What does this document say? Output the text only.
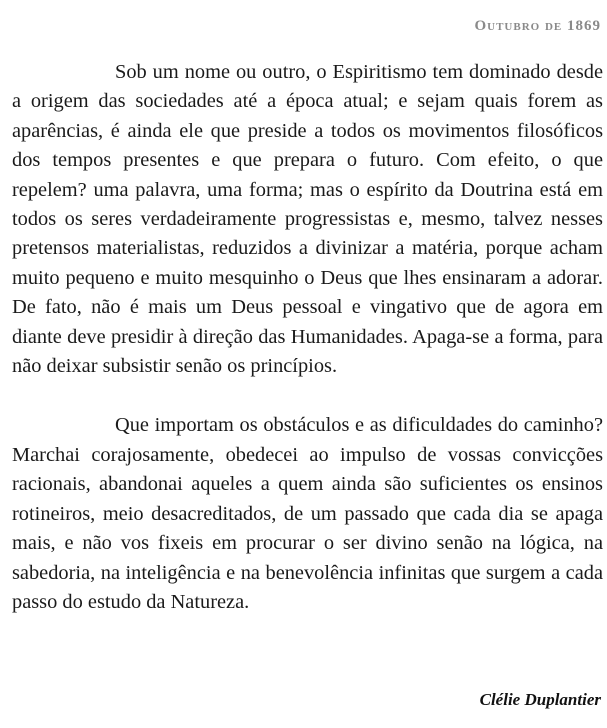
Outubro de 1869

Sob um nome ou outro, o Espiritismo tem dominado desde a origem das sociedades até a época atual; e sejam quais forem as aparências, é ainda ele que preside a todos os movimentos filosóficos dos tempos presentes e que prepara o futuro. Com efeito, o que repelem? uma palavra, uma forma; mas o espírito da Doutrina está em todos os seres verdadeiramente progressistas e, mesmo, talvez nesses pretensos materialistas, reduzidos a divinizar a matéria, porque acham muito pequeno e muito mesquinho o Deus que lhes ensinaram a adorar. De fato, não é mais um Deus pessoal e vingativo que de agora em diante deve presidir à direção das Humanidades. Apaga-se a forma, para não deixar subsistir senão os princípios.

Que importam os obstáculos e as dificuldades do caminho? Marchai corajosamente, obedecei ao impulso de vossas convicções racionais, abandonai aqueles a quem ainda são suficientes os ensinos rotineiros, meio desacreditados, de um passado que cada dia se apaga mais, e não vos fixeis em procurar o ser divino senão na lógica, na sabedoria, na inteligência e na benevolência infinitas que surgem a cada passo do estudo da Natureza.

Clélie Duplantier
